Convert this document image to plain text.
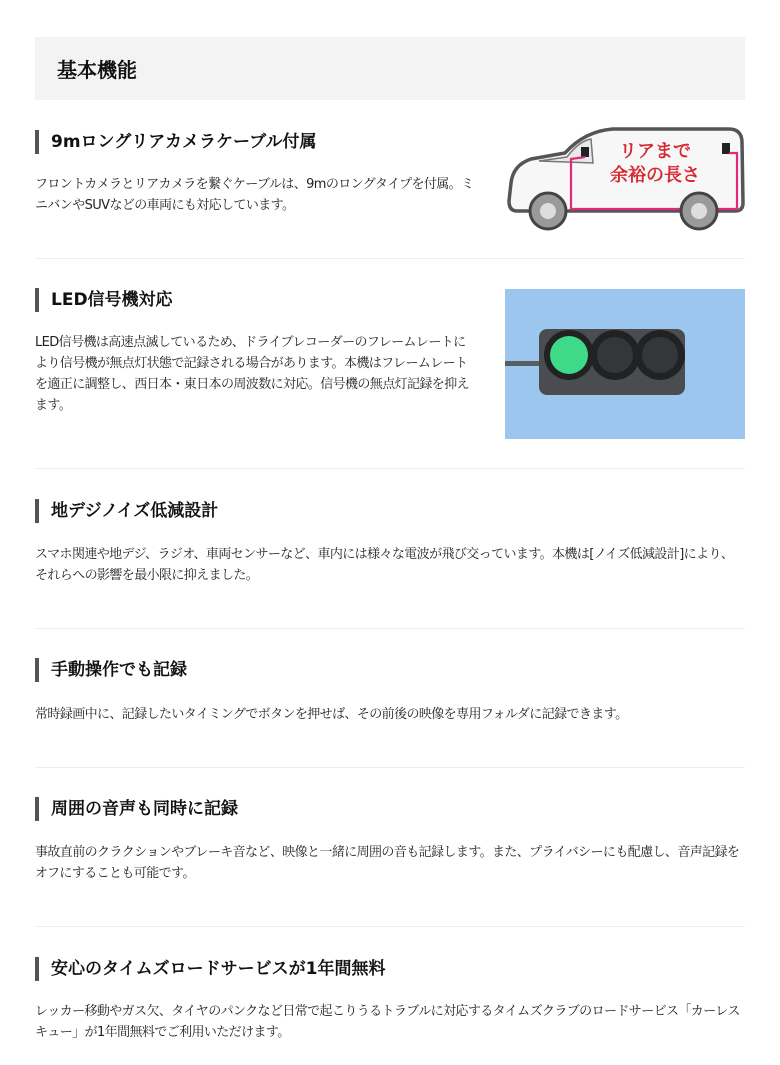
基本機能
9mロングリアカメラケーブル付属
フロントカメラとリアカメラを繋ぐケーブルは、9mのロングタイプを付属。ミニバンやSUVなどの車両にも対応しています。
リアまで
余裕の長さ
LED信号機対応
LED信号機は高速点滅しているため、ドライブレコーダーのフレームレートにより信号機が無点灯状態で記録される場合があります。本機はフレームレートを適正に調整し、西日本・東日本の周波数に対応。信号機の無点灯記録を抑えます。
地デジノイズ低減設計
スマホ関連や地デジ、ラジオ、車両センサーなど、車内には様々な電波が飛び交っています。本機は[ノイズ低減設計]により、それらへの影響を最小限に抑えました。
手動操作でも記録
常時録画中に、記録したいタイミングでボタンを押せば、その前後の映像を専用フォルダに記録できます。
周囲の音声も同時に記録
事故直前のクラクションやブレーキ音など、映像と一緒に周囲の音も記録します。また、プライバシーにも配慮し、音声記録をオフにすることも可能です。
安心のタイムズロードサービスが1年間無料
レッカー移動やガス欠、タイヤのパンクなど日常で起こりうるトラブルに対応するタイムズクラブのロードサービス「カーレスキュー」が1年間無料でご利用いただけます。
